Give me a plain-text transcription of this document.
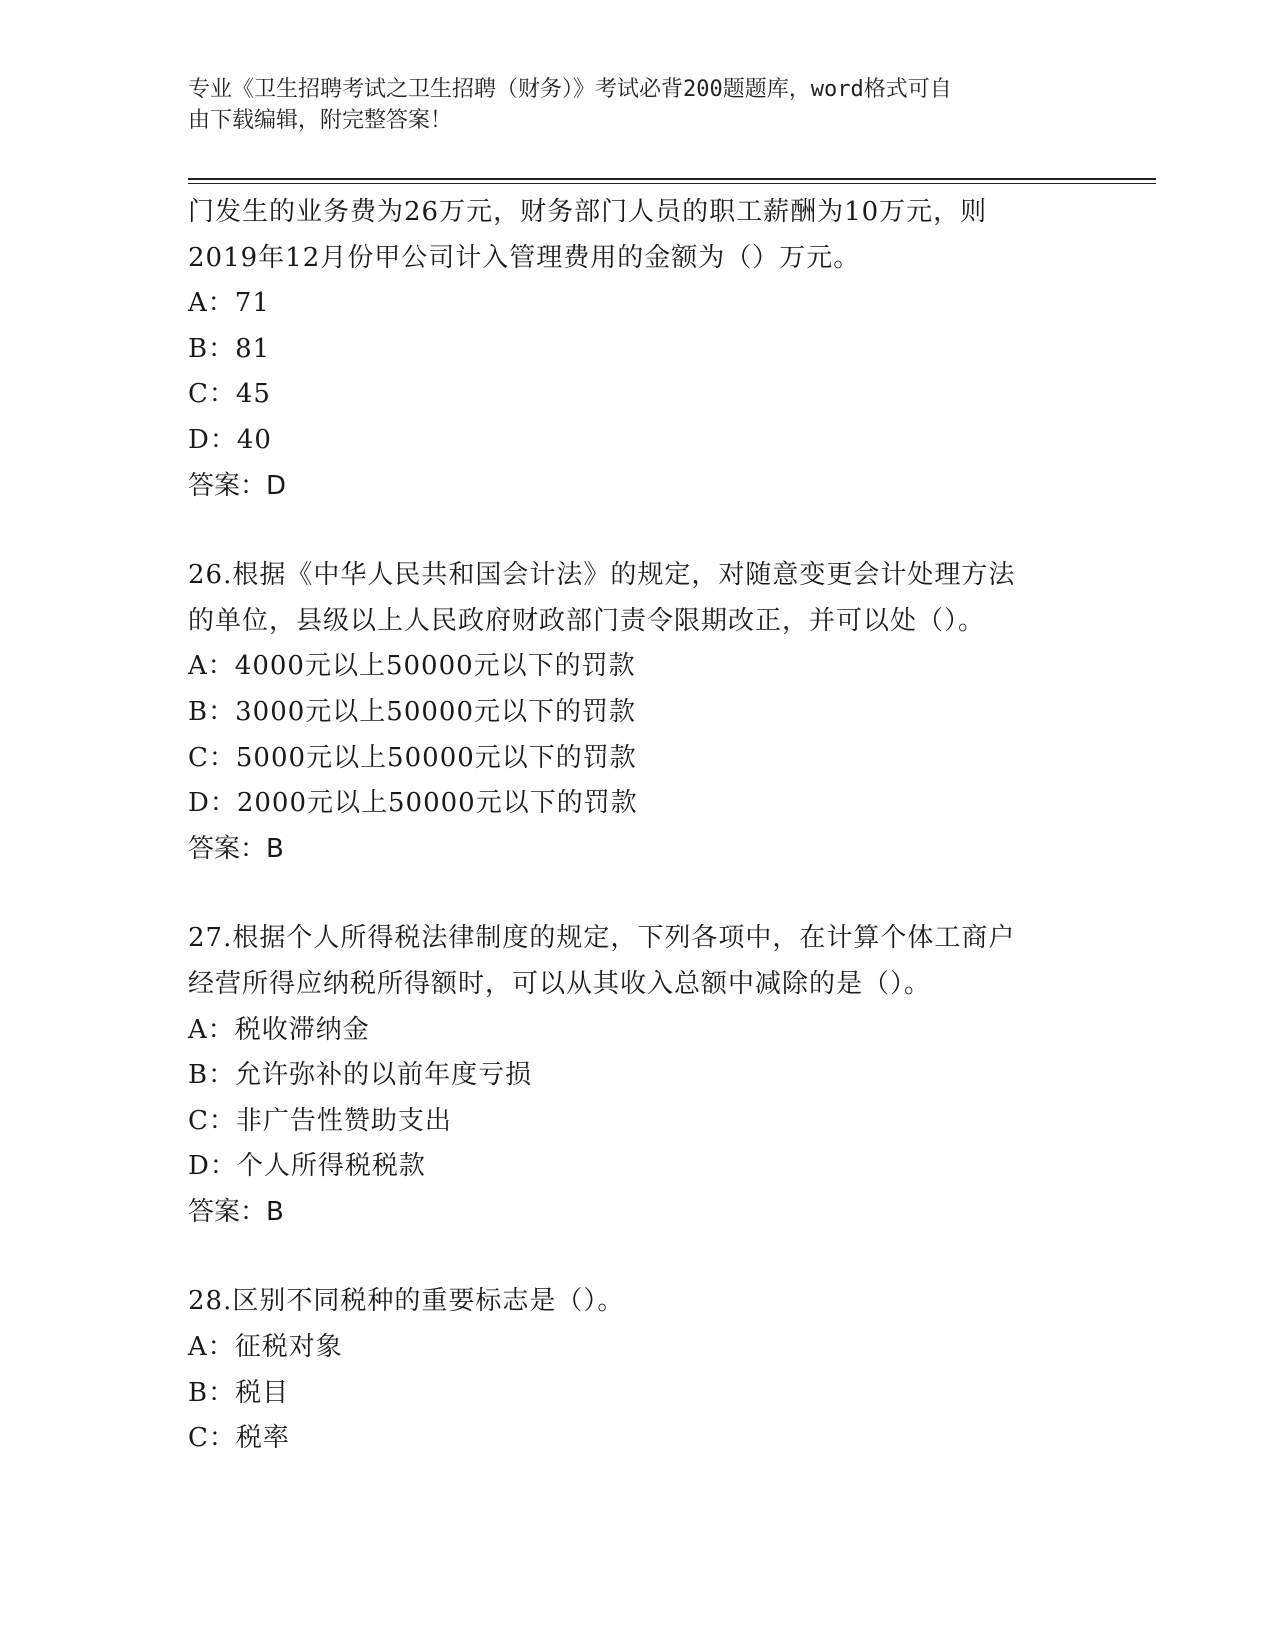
专业《卫生招聘考试之卫生招聘（财务）》考试必背200题题库，word格式可自
由下载编辑，附完整答案！
门发生的业务费为26万元，财务部门人员的职工薪酬为10万元，则
2019年12月份甲公司计入管理费用的金额为（）万元。
A：71
B：81
C：45
D：40
答案：D
26.根据《中华人民共和国会计法》的规定，对随意变更会计处理方法
的单位，县级以上人民政府财政部门责令限期改正，并可以处（）。
A：4000元以上50000元以下的罚款
B：3000元以上50000元以下的罚款
C：5000元以上50000元以下的罚款
D：2000元以上50000元以下的罚款
答案：B
27.根据个人所得税法律制度的规定，下列各项中，在计算个体工商户
经营所得应纳税所得额时，可以从其收入总额中减除的是（）。
A：税收滞纳金
B：允许弥补的以前年度亏损
C：非广告性赞助支出
D：个人所得税税款
答案：B
28.区别不同税种的重要标志是（）。
A：征税对象
B：税目
C：税率
